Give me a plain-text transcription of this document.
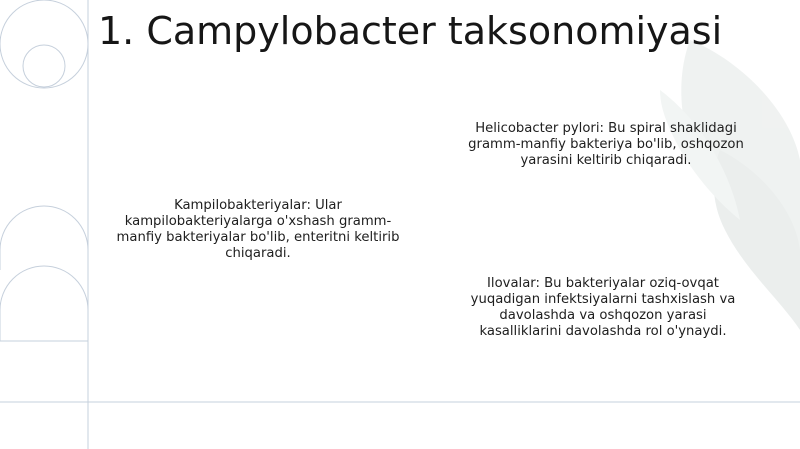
1. Campylobacter taksonomiyasi

Helicobacter pylori: Bu spiral shaklidagi gramm-manfiy bakteriya bo'lib, oshqozon yarasini keltirib chiqaradi.

Kampilobakteriyalar: Ular kampilobakteriyalarga o'xshash gramm-manfiy bakteriyalar bo'lib, enteritni keltirib chiqaradi.

Ilovalar: Bu bakteriyalar oziq-ovqat yuqadigan infektsiyalarni tashxislash va davolashda va oshqozon yarasi kasalliklarini davolashda rol o'ynaydi.
